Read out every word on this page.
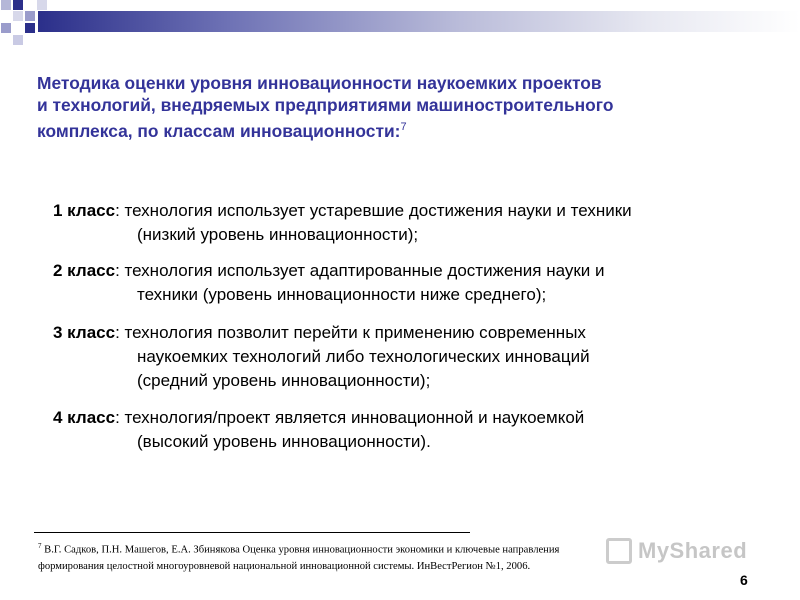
Методика оценки уровня инновационности наукоемких проектов
и технологий, внедряемых предприятиями машиностроительного
комплекса, по классам инновационности:$^7$
1 класс: технология использует устаревшие достижения науки и техники
(низкий уровень инновационности);
2 класс: технология использует адаптированные достижения науки и
техники (уровень инновационности ниже среднего);
3 класс: технология позволит перейти к применению современных
наукоемких технологий либо технологических инноваций
(средний уровень инновационности);
4 класс: технология/проект является инновационной и наукоемкой
(высокий уровень инновационности).
$^7$ В.Г. Садков, П.Н. Машегов, Е.А. Збинякова Оценка уровня инновационности экономики и ключевые направления
формирования целостной многоуровневой национальной инновационной системы. ИнВестРегион №1, 2006.
MyShared
6
